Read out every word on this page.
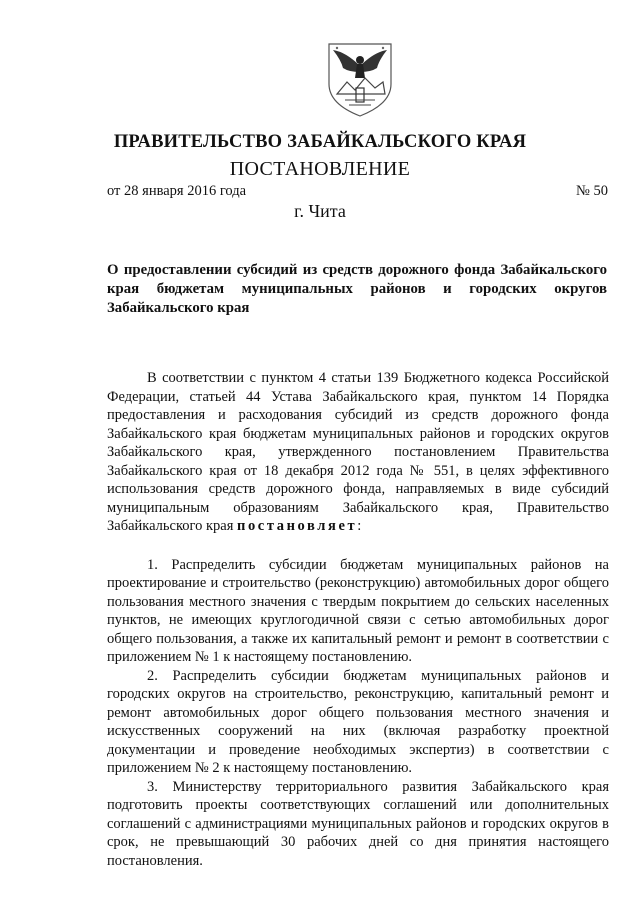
ПРАВИТЕЛЬСТВО ЗАБАЙКАЛЬСКОГО КРАЯ
ПОСТАНОВЛЕНИЕ
от 28 января 2016 года	№ 50
г. Чита
О предоставлении субсидий из средств дорожного фонда Забайкальского края бюджетам муниципальных районов и городских округов Забайкальского края

В соответствии с пунктом 4 статьи 139 Бюджетного кодекса Российской Федерации, статьей 44 Устава Забайкальского края, пунктом 14 Порядка предоставления и расходования субсидий из средств дорожного фонда Забайкальского края бюджетам муниципальных районов и городских округов Забайкальского края, утвержденного постановлением Правительства Забайкальского края от 18 декабря 2012 года № 551, в целях эффективного использования средств дорожного фонда, направляемых в виде субсидий муниципальным образованиям Забайкальского края, Правительство Забайкальского края постановляет:

1. Распределить субсидии бюджетам муниципальных районов на проектирование и строительство (реконструкцию) автомобильных дорог общего пользования местного значения с твердым покрытием до сельских населенных пунктов, не имеющих круглогодичной связи с сетью автомобильных дорог общего пользования, а также их капитальный ремонт и ремонт в соответствии с приложением № 1 к настоящему постановлению.

2. Распределить субсидии бюджетам муниципальных районов и городских округов на строительство, реконструкцию, капитальный ремонт и ремонт автомобильных дорог общего пользования местного значения и искусственных сооружений на них (включая разработку проектной документации и проведение необходимых экспертиз) в соответствии с приложением № 2 к настоящему постановлению.

3. Министерству территориального развития Забайкальского края подготовить проекты соответствующих соглашений или дополнительных соглашений с администрациями муниципальных районов и городских округов в срок, не превышающий 30 рабочих дней со дня принятия настоящего постановления.
